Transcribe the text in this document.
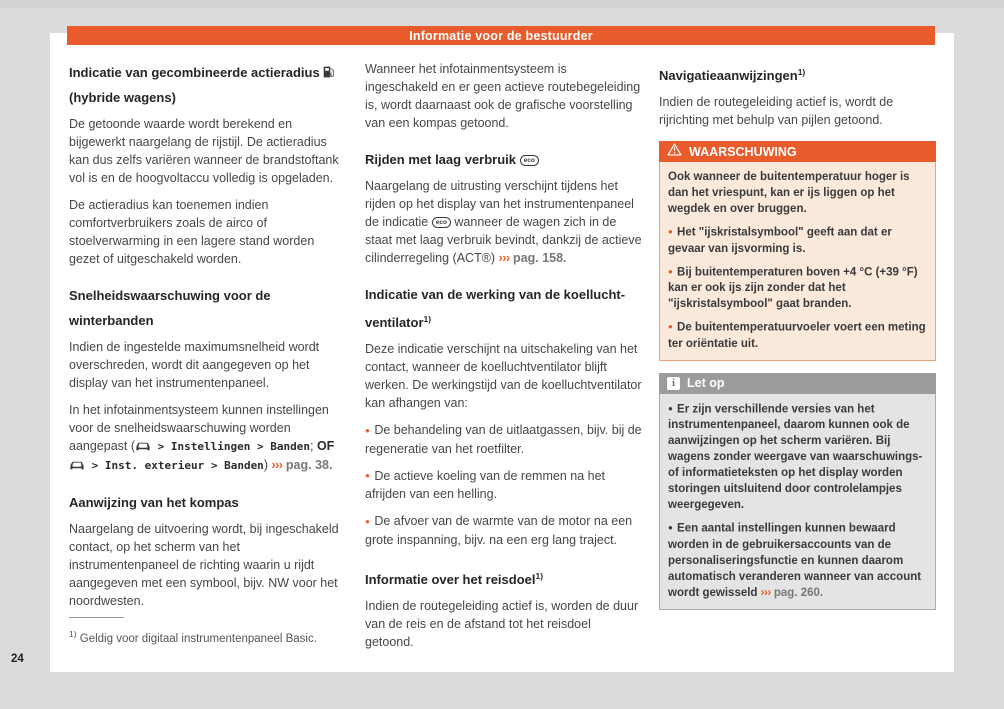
Informatie voor de bestuurder
Indicatie van gecombineerde actieradius
(hybride wagens)

De getoonde waarde wordt berekend en bijgewerkt naargelang de rijstijl. De actieradius kan dus zelfs variëren wanneer de brandstoftank vol is en de hoogvoltaccu volledig is opgeladen.

De actieradius kan toenemen indien comfortverbruikers zoals de airco of stoelverwarming in een lagere stand worden gezet of uitgeschakeld worden.

Snelheidswaarschuwing voor de winterbanden

Indien de ingestelde maximumsnelheid wordt overschreden, wordt dit aangegeven op het display van het instrumentenpaneel.

In het infotainmentsysteem kunnen instellingen voor de snelheidswaarschuwing worden aangepast ( > Instellingen > Banden; OF  > Inst. exterieur > Banden) ››› pag. 38.

Aanwijzing van het kompas

Naargelang de uitvoering wordt, bij ingeschakeld contact, op het scherm van het instrumentenpaneel de richting waarin u rijdt aangegeven met een symbool, bijv. NW voor het noordwesten.

Wanneer het infotainmentsysteem is ingeschakeld en er geen actieve routebegeleiding is, wordt daarnaast ook de grafische voorstelling van een kompas getoond.

Rijden met laag verbruik eco

Naargelang de uitrusting verschijnt tijdens het rijden op het display van het instrumentenpaneel de indicatie eco wanneer de wagen zich in de staat met laag verbruik bevindt, dankzij de actieve cilinderregeling (ACT®) ››› pag. 158.

Indicatie van de werking van de koellucht-
ventilator$^{1)}$

Deze indicatie verschijnt na uitschakeling van het contact, wanneer de koelluchtventilator blijft werken. De werkingstijd van de koelluchtventilator kan afhangen van:

● De behandeling van de uitlaatgassen, bijv. bij de regeneratie van het roetfilter.

● De actieve koeling van de remmen na het afrijden van een helling.

● De afvoer van de warmte van de motor na een grote inspanning, bijv. na een erg lang traject.

Informatie over het reisdoel$^{1)}$

Indien de routegeleiding actief is, worden de duur van de reis en de afstand tot het reisdoel getoond.

Navigatieaanwijzingen$^{1)}$

Indien de routegeleiding actief is, wordt de rijrichting met behulp van pijlen getoond.

WAARSCHUWING

Ook wanneer de buitentemperatuur hoger is dan het vriespunt, kan er ijs liggen op het wegdek en over bruggen.

● Het "ijskristalsymbool" geeft aan dat er gevaar van ijsvorming is.

● Bij buitentemperaturen boven +4 °C (+39 °F) kan er ook ijs zijn zonder dat het "ijskristalsymbool" gaat branden.

● De buitentemperatuurvoeler voert een meting ter oriëntatie uit.

i Let op

● Er zijn verschillende versies van het instrumentenpaneel, daarom kunnen ook de aanwijzingen op het scherm variëren. Bij wagens zonder weergave van waarschuwings- of informatieteksten op het display worden storingen uitsluitend door controlelampjes weergegeven.

● Een aantal instellingen kunnen bewaard worden in de gebruikersaccounts van de personaliseringsfunctie en kunnen daarom automatisch veranderen wanneer van account wordt gewisseld ››› pag. 260.

$^{1)}$ Geldig voor digitaal instrumentenpaneel Basic.
24
